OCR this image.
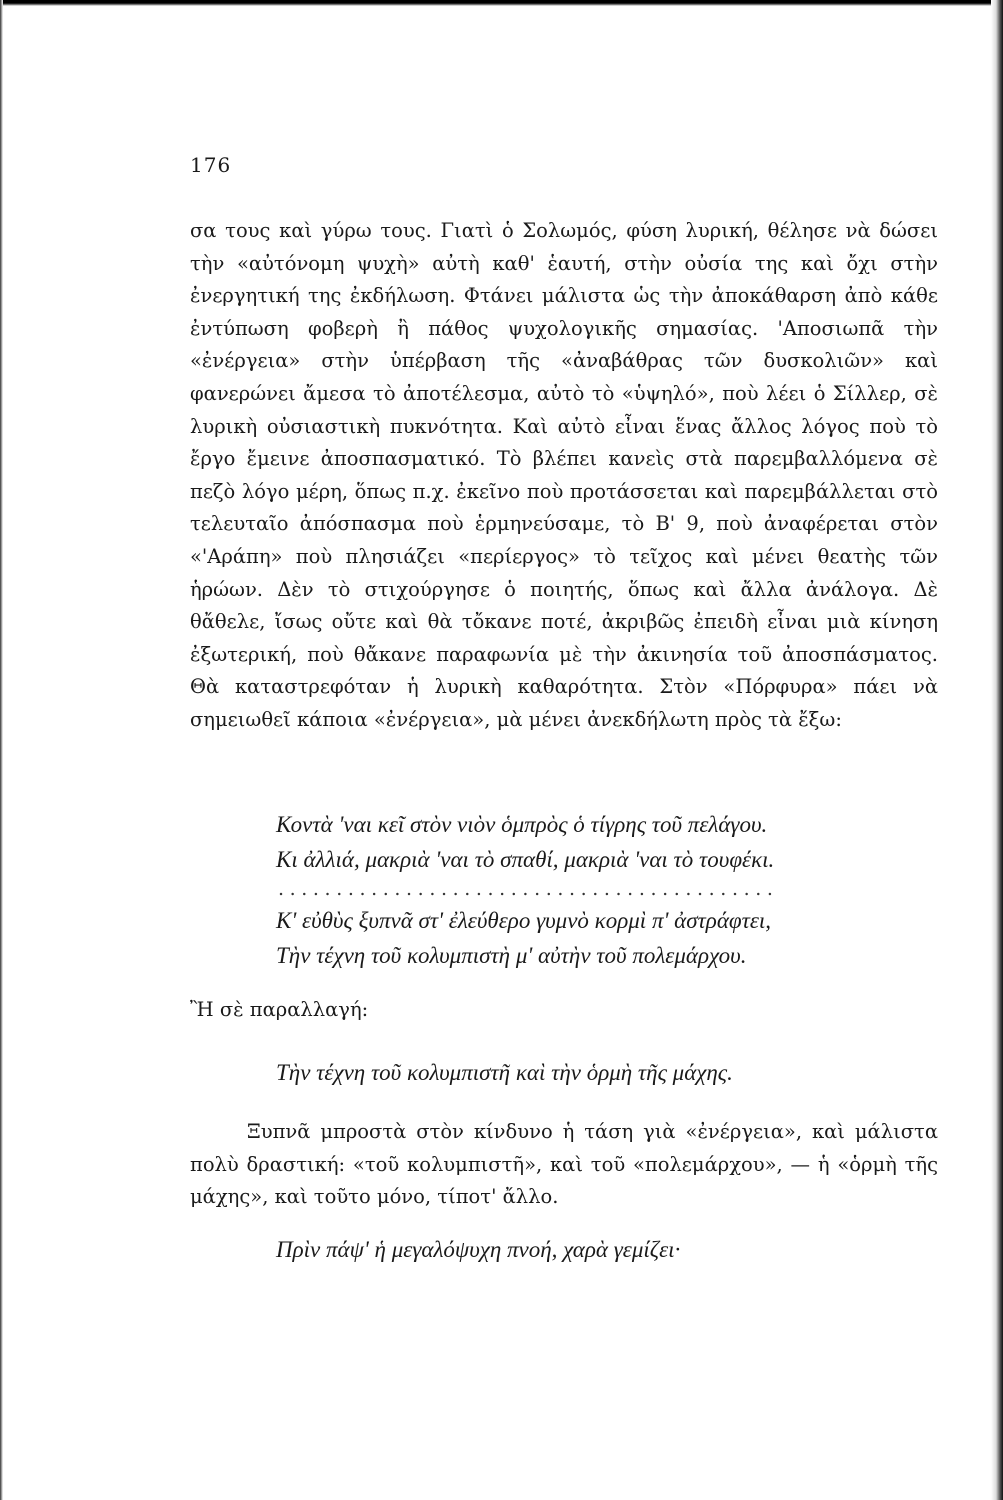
176

σα τους καὶ γύρω τους. Γιατὶ ὁ Σολωμός, φύση λυρική, θέλησε νὰ δώσει τὴν «αὐτόνομη ψυχὴ» αὐτὴ καθ' ἑαυτή, στὴν οὐσία της καὶ ὄχι στὴν ἐνεργητική της ἐκδήλωση. Φτάνει μάλιστα ὡς τὴν ἀποκάθαρση ἀπὸ κάθε ἐντύπωση φοβερὴ ἢ πάθος ψυχολογικῆς σημασίας. 'Αποσιωπᾶ τὴν «ἐνέργεια» στὴν ὑπέρβαση τῆς «ἀναβάθρας τῶν δυσκολιῶν» καὶ φανερώνει ἄμεσα τὸ ἀποτέλεσμα, αὐτὸ τὸ «ὑψηλό», ποὺ λέει ὁ Σίλλερ, σὲ λυρικὴ οὐσιαστικὴ πυκνότητα. Καὶ αὐτὸ εἶναι ἕνας ἄλλος λόγος ποὺ τὸ ἔργο ἔμεινε ἀποσπασματικό. Τὸ βλέπει κανεὶς στὰ παρεμβαλλόμενα σὲ πεζὸ λόγο μέρη, ὅπως π.χ. ἐκεῖνο ποὺ προτάσσεται καὶ παρεμβάλλεται στὸ τελευταῖο ἀπόσπασμα ποὺ ἑρμηνεύσαμε, τὸ Β' 9, ποὺ ἀναφέρεται στὸν «'Αράπη» ποὺ πλησιάζει «περίεργος» τὸ τεῖχος καὶ μένει θεατὴς τῶν ἡρώων. Δὲν τὸ στιχούργησε ὁ ποιητής, ὅπως καὶ ἄλλα ἀνάλογα. Δὲ θἄθελε, ἴσως οὔτε καὶ θὰ τὄκανε ποτέ, ἀκριβῶς ἐπειδὴ εἶναι μιὰ κίνηση ἐξωτερική, ποὺ θἄκανε παραφωνία μὲ τὴν ἀκινησία τοῦ ἀποσπάσματος. Θὰ καταστρεφόταν ἡ λυρικὴ καθαρότητα. Στὸν «Πόρφυρα» πάει νὰ σημειωθεῖ κάποια «ἐνέργεια», μὰ μένει ἀνεκδήλωτη πρὸς τὰ ἔξω:

Κοντὰ 'ναι κεῖ στὸν νιὸν ὁμπρὸς ὁ τίγρης τοῦ πελάγου.
Κι ἀλλιά, μακριὰ 'ναι τὸ σπαθί, μακριὰ 'ναι τὸ τουφέκι.
...........................................
Κ' εὐθὺς ξυπνᾶ στ' ἐλεύθερο γυμνὸ κορμὶ π' ἀστράφτει,
Τὴν τέχνη τοῦ κολυμπιστὴ μ' αὐτὴν τοῦ πολεμάρχου.
Ἢ σὲ παραλλαγή:
Τὴν τέχνη τοῦ κολυμπιστῆ καὶ τὴν ὁρμὴ τῆς μάχης.

Ξυπνᾶ μπροστὰ στὸν κίνδυνο ἡ τάση γιὰ «ἐνέργεια», καὶ μάλιστα πολὺ δραστική: «τοῦ κολυμπιστῆ», καὶ τοῦ «πολεμάρχου», — ἡ «ὁρμὴ τῆς μάχης», καὶ τοῦτο μόνο, τίποτ' ἄλλο.

Πρὶν πάψ' ἡ μεγαλόψυχη πνοή, χαρὰ γεμίζει·
